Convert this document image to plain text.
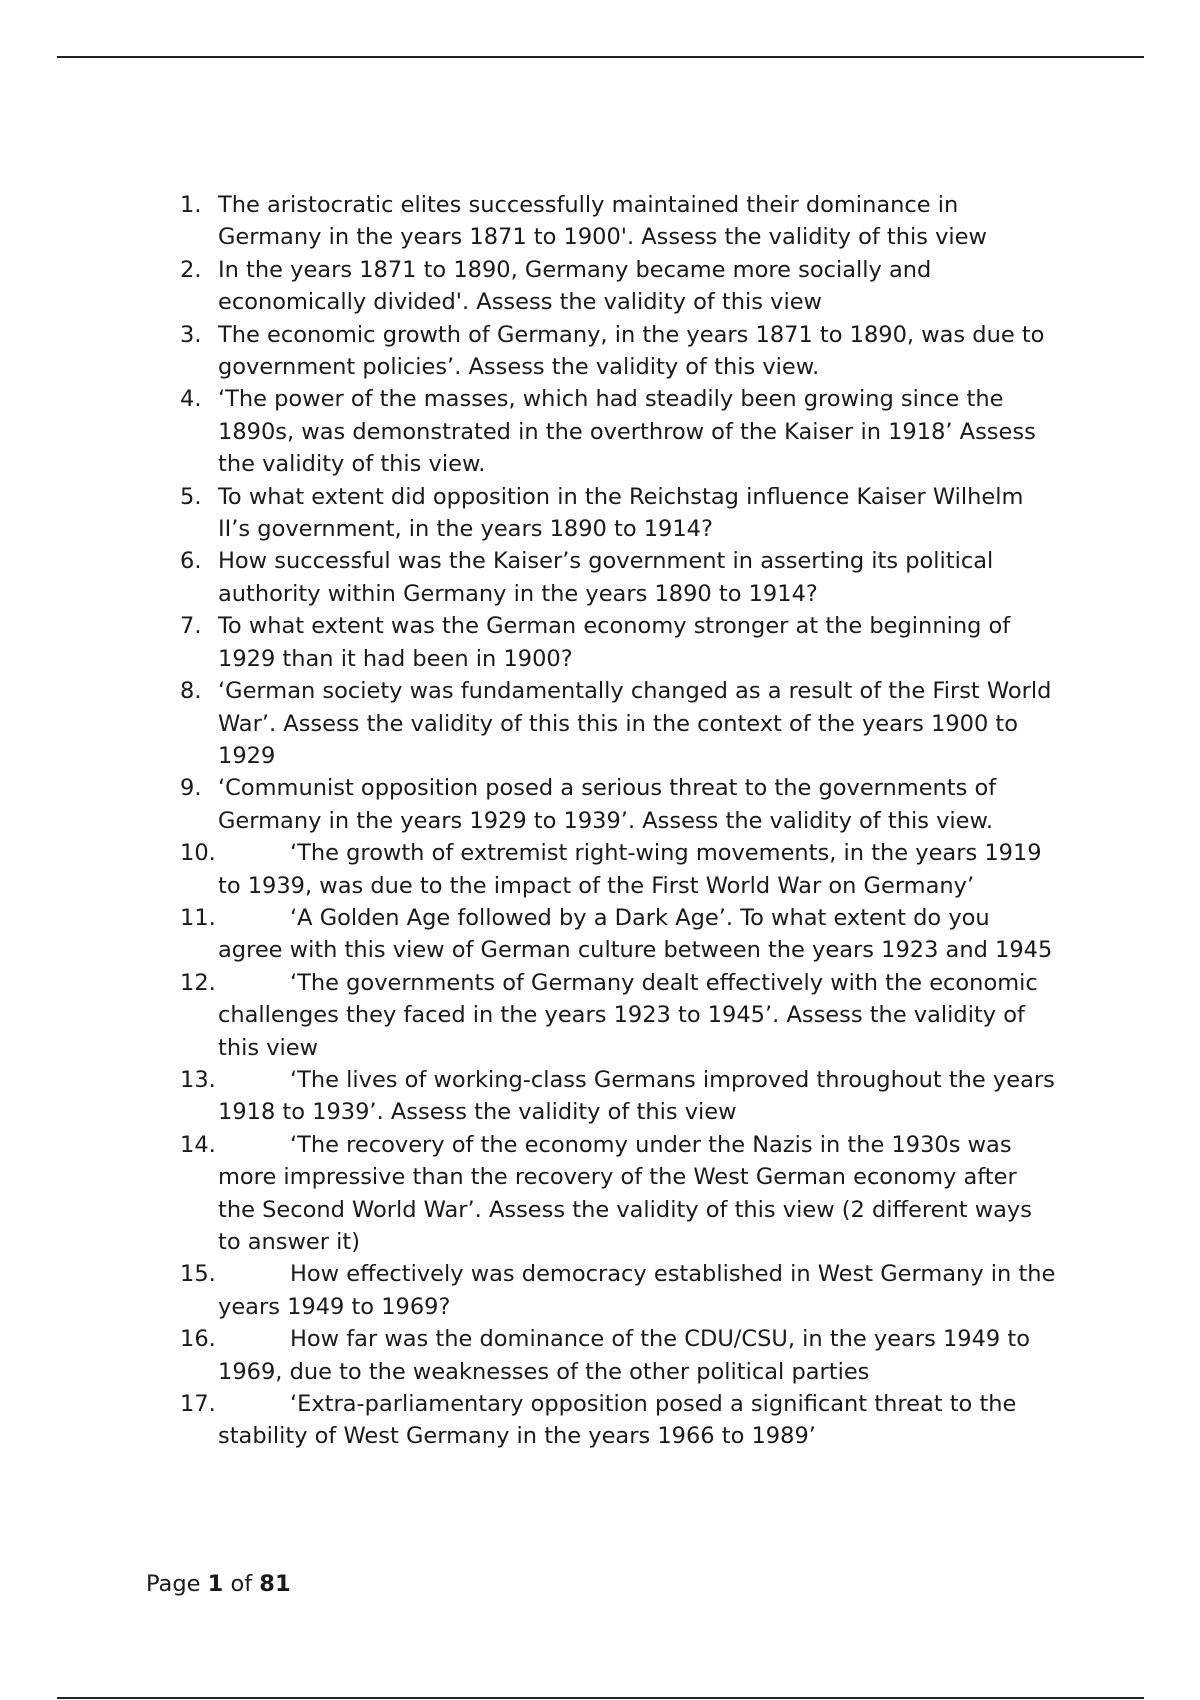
1. The aristocratic elites successfully maintained their dominance in Germany in the years 1871 to 1900'. Assess the validity of this view
2. In the years 1871 to 1890, Germany became more socially and economically divided'. Assess the validity of this view
3. The economic growth of Germany, in the years 1871 to 1890, was due to government policies’. Assess the validity of this view.
4. ‘The power of the masses, which had steadily been growing since the 1890s, was demonstrated in the overthrow of the Kaiser in 1918’ Assess the validity of this view.
5. To what extent did opposition in the Reichstag influence Kaiser Wilhelm II’s government, in the years 1890 to 1914?
6. How successful was the Kaiser’s government in asserting its political authority within Germany in the years 1890 to 1914?
7. To what extent was the German economy stronger at the beginning of 1929 than it had been in 1900?
8. ‘German society was fundamentally changed as a result of the First World War’. Assess the validity of this this in the context of the years 1900 to 1929
9. ‘Communist opposition posed a serious threat to the governments of Germany in the years 1929 to 1939’. Assess the validity of this view.
10.	‘The growth of extremist right-wing movements, in the years 1919 to 1939, was due to the impact of the First World War on Germany’
11.	‘A Golden Age followed by a Dark Age’. To what extent do you agree with this view of German culture between the years 1923 and 1945
12.	‘The governments of Germany dealt effectively with the economic challenges they faced in the years 1923 to 1945’. Assess the validity of this view
13.	‘The lives of working-class Germans improved throughout the years 1918 to 1939’. Assess the validity of this view
14.	‘The recovery of the economy under the Nazis in the 1930s was more impressive than the recovery of the West German economy after the Second World War’. Assess the validity of this view (2 different ways to answer it)
15.	How effectively was democracy established in West Germany in the years 1949 to 1969?
16.	How far was the dominance of the CDU/CSU, in the years 1949 to 1969, due to the weaknesses of the other political parties
17.	‘Extra-parliamentary opposition posed a significant threat to the stability of West Germany in the years 1966 to 1989’
Page 1 of 81
